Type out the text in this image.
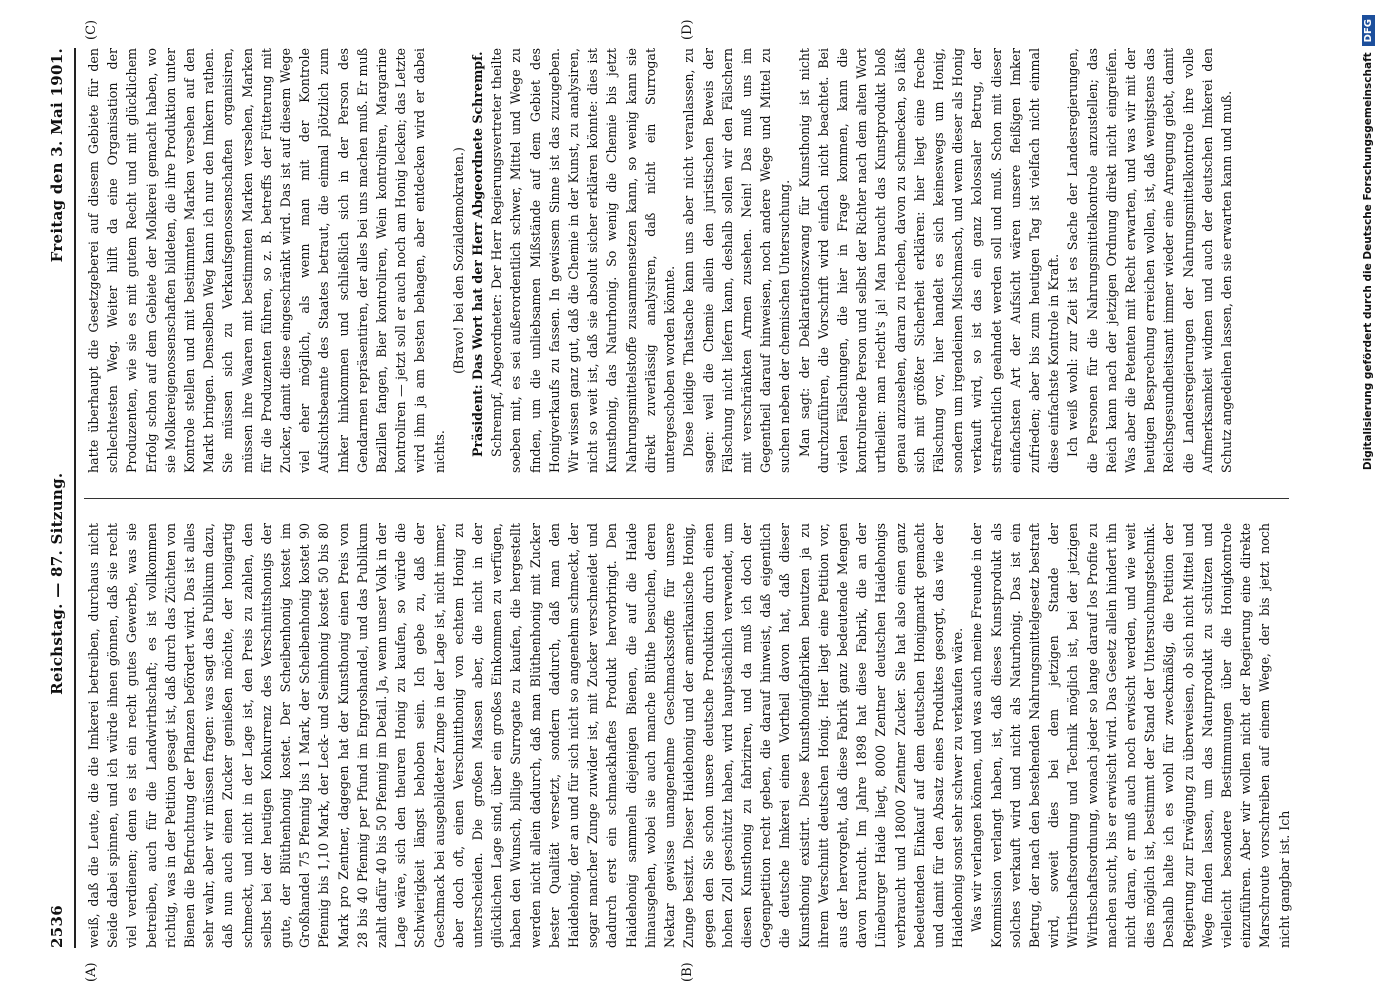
2536
Reichstag. — 87. Sitzung.
Freitag den 3. Mai 1901.
(A)	(B)
(C)	(D)

weiß, daß die Leute, die die Imkerei betreiben, durchaus nicht Seide dabei spinnen, und ich würde ihnen gönnen, daß sie recht viel verdienen; denn es ist ein recht gutes Gewerbe, was sie betreiben, auch für die Landwirthschaft; es ist vollkommen richtig, was in der Petition gesagt ist, daß durch das Züchten von Bienen die Befruchtung der Pflanzen befördert wird. Das ist alles sehr wahr, aber wir müssen fragen: was sagt das Publikum dazu, daß nun auch einen Zucker genießen möchte, der honigartig schmeckt, und nicht in der Lage ist, den Preis zu zahlen, den selbst bei der heutigen Konkurrenz des Verschnittshonigs der gute, der Blüthenhonig kostet. Der Scheibenhonig kostet im Großhandel 75 Pfennig bis 1 Mark, der Scheibenhonig kostet 90 Pfennig bis 1,10 Mark, der Leck- und Seimhonig kostet 50 bis 80 Mark pro Zentner, dagegen hat der Kunsthonig einen Preis von 28 bis 40 Pfennig per Pfund im Engroshandel, und das Publikum zahlt dafür 40 bis 50 Pfennig im Detail. Ja, wenn unser Volk in der Lage wäre, sich den theuren Honig zu kaufen, so würde die Schwierigkeit längst behoben sein. Ich gebe zu, daß der Geschmack bei ausgebildeter Zunge in der Lage ist, nicht immer, aber doch oft, einen Verschnitthonig von echtem Honig zu unterscheiden. Die großen Massen aber, die nicht in der glücklichen Lage sind, über ein großes Einkommen zu verfügen, haben den Wunsch, billige Surrogate zu kaufen, die hergestellt werden nicht allein dadurch, daß man Blüthenhonig mit Zucker bester Qualität versetzt, sondern dadurch, daß man den Haidehonig, der an und für sich nicht so angenehm schmeckt, der sogar mancher Zunge zuwider ist, mit Zucker verschneidet und dadurch erst ein schmackhaftes Produkt hervorbringt. Den Haidehonig sammeln diejenigen Bienen, die auf die Haide hinausgehen, wobei sie auch manche Blüthe besuchen, deren Nektar gewisse unangenehme Geschmacksstoffe für unsere Zunge besitzt. Dieser Haidehonig und der amerikanische Honig, gegen den Sie schon unsere deutsche Produktion durch einen hohen Zoll geschützt haben, wird hauptsächlich verwendet, um diesen Kunsthonig zu fabriziren, und da muß ich doch der Gegenpetition recht geben, die darauf hinweist, daß eigentlich die deutsche Imkerei einen Vortheil davon hat, daß dieser Kunsthonig existirt. Diese Kunsthonigfabriken benutzen ja zu ihrem Verschnitt deutschen Honig. Hier liegt eine Petition vor, aus der hervorgeht, daß diese Fabrik ganz bedeutende Mengen davon braucht. Im Jahre 1898 hat diese Fabrik, die an der Lüneburger Haide liegt, 8000 Zentner deutschen Haidehonigs verbraucht und 18000 Zentner Zucker. Sie hat also einen ganz bedeutenden Einkauf auf dem deutschen Honigmarkt gemacht und damit für den Absatz eines Produktes gesorgt, das wie der Haidehonig sonst sehr schwer zu verkaufen wäre. Was wir verlangen können, und was auch meine Freunde in der Kommission verlangt haben, ist, daß dieses Kunstprodukt als solches verkauft wird und nicht als Naturhonig. Das ist ein Betrug, der nach den bestehenden Nahrungsmittelgesetz bestraft wird, soweit dies bei dem jetzigen Stande der Wirthschaftsordnung und Technik möglich ist, bei der jetzigen Wirthschaftsordnung, wonach jeder so lange darauf los Profite zu machen sucht, bis er erwischt wird. Das Gesetz allein hindert ihn nicht daran, er muß auch noch erwischt werden, und wie weit dies möglich ist, bestimmt der Stand der Untersuchungstechnik. Deshalb halte ich es wohl für zweckmäßig, die Petition der Regierung zur Erwägung zu überweisen, ob sich nicht Mittel und Wege finden lassen, um das Naturprodukt zu schützen und vielleicht besondere Bestimmungen über die Honigkontrole einzuführen. Aber wir wollen nicht der Regierung eine direkte Marschroute vorschreiben auf einem Wege, der bis jetzt noch nicht gangbar ist. Ich

hatte überhaupt die Gesetzgeberei auf diesem Gebiete für den schlechtesten Weg. Weiter hilft da eine Organisation der Produzenten, wie sie es mit gutem Recht und mit glücklichem Erfolg schon auf dem Gebiete der Molkerei gemacht haben, wo sie Molkereigenossenschaften bildeten, die ihre Produktion unter Kontrole stellen und mit bestimmten Marken versehen auf den Markt bringen. Denselben Weg kann ich nur den Imkern rathen. Sie müssen sich zu Verkaufsgenossenschaften organisiren, müssen ihre Waaren mit bestimmten Marken versehen, Marken für die Produzenten führen, so z. B. betreffs der Fütterung mit Zucker, damit diese eingeschränkt wird. Das ist auf diesem Wege viel eher möglich, als wenn man mit der Kontrole Aufsichtsbeamte des Staates betraut, die einmal plötzlich zum Imker hinkommen und schließlich sich in der Person des Gendarmen repräsentiren, der alles bei uns machen muß. Er muß Bazillen fangen, Bier kontroliren, Wein kontroliren, Margarine kontroliren — jetzt soll er auch noch am Honig lecken; das Letzte wird ihm ja am besten behagen, aber entdecken wird er dabei nichts.

(Bravo! bei den Sozialdemokraten.) Präsident: Das Wort hat der Herr Abgeordnete Schrempf. Schrempf, Abgeordneter: Der Herr Regierungsvertreter theilte soeben mit, es sei außerordentlich schwer, Mittel und Wege zu finden, um die unliebsamen Mißstände auf dem Gebiet des Honigverkaufs zu fassen. In gewissem Sinne ist das zuzugeben. Wir wissen ganz gut, daß die Chemie in der Kunst, zu analysiren, nicht so weit ist, daß sie absolut sicher erklären könnte: dies ist Kunsthonig, das Naturhonig. So wenig die Chemie bis jetzt Nahrungsmittelstoffe zusammensetzen kann, so wenig kann sie direkt zuverlässig analysiren, daß nicht ein Surrogat untergeschoben worden könnte. Diese leidige Thatsache kann uns aber nicht veranlassen, zu sagen: weil die Chemie allein den juristischen Beweis der Fälschung nicht liefern kann, deshalb sollen wir den Fälschern mit verschränkten Armen zusehen. Nein! Das muß uns im Gegentheil darauf hinweisen, noch andere Wege und Mittel zu suchen neben der chemischen Untersuchung. Man sagt: der Deklarationszwang für Kunsthonig ist nicht durchzuführen, die Vorschrift wird einfach nicht beachtet. Bei vielen Fälschungen, die hier in Frage kommen, kann die kontrolirende Person und selbst der Richter nach dem alten Wort urtheilen: man riecht's ja! Man braucht das Kunstprodukt bloß genau anzusehen, daran zu riechen, davon zu schmecken, so läßt sich mit größter Sicherheit erklären: hier liegt eine freche Fälschung vor, hier handelt es sich keineswegs um Honig, sondern um irgendeinen Mischmasch, und wenn dieser als Honig verkauft wird, so ist das ein ganz kolossaler Betrug, der strafrechtlich geahndet werden soll und muß. Schon mit dieser einfachsten Art der Aufsicht wären unsere fleißigen Imker zufrieden; aber bis zum heutigen Tag ist vielfach nicht einmal diese einfachste Kontrole in Kraft. Ich weiß wohl: zur Zeit ist es Sache der Landesregierungen, die Personen für die Nahrungsmittelkontrole anzustellen; das Reich kann nach der jetzigen Ordnung direkt nicht eingreifen. Was aber die Petenten mit Recht erwarten, und was wir mit der heutigen Besprechung erreichen wollen, ist, daß wenigstens das Reichsgesundheitsamt immer wieder eine Anregung giebt, damit die Landesregierungen der Nahrungsmittelkontrole ihre volle Aufmerksamkeit widmen und auch der deutschen Imkerei den Schutz angedeihen lassen, den sie erwarten kann und muß.	Digitalisierung gefördert durch die Deutsche Forschungsgemeinschaft
DFG
